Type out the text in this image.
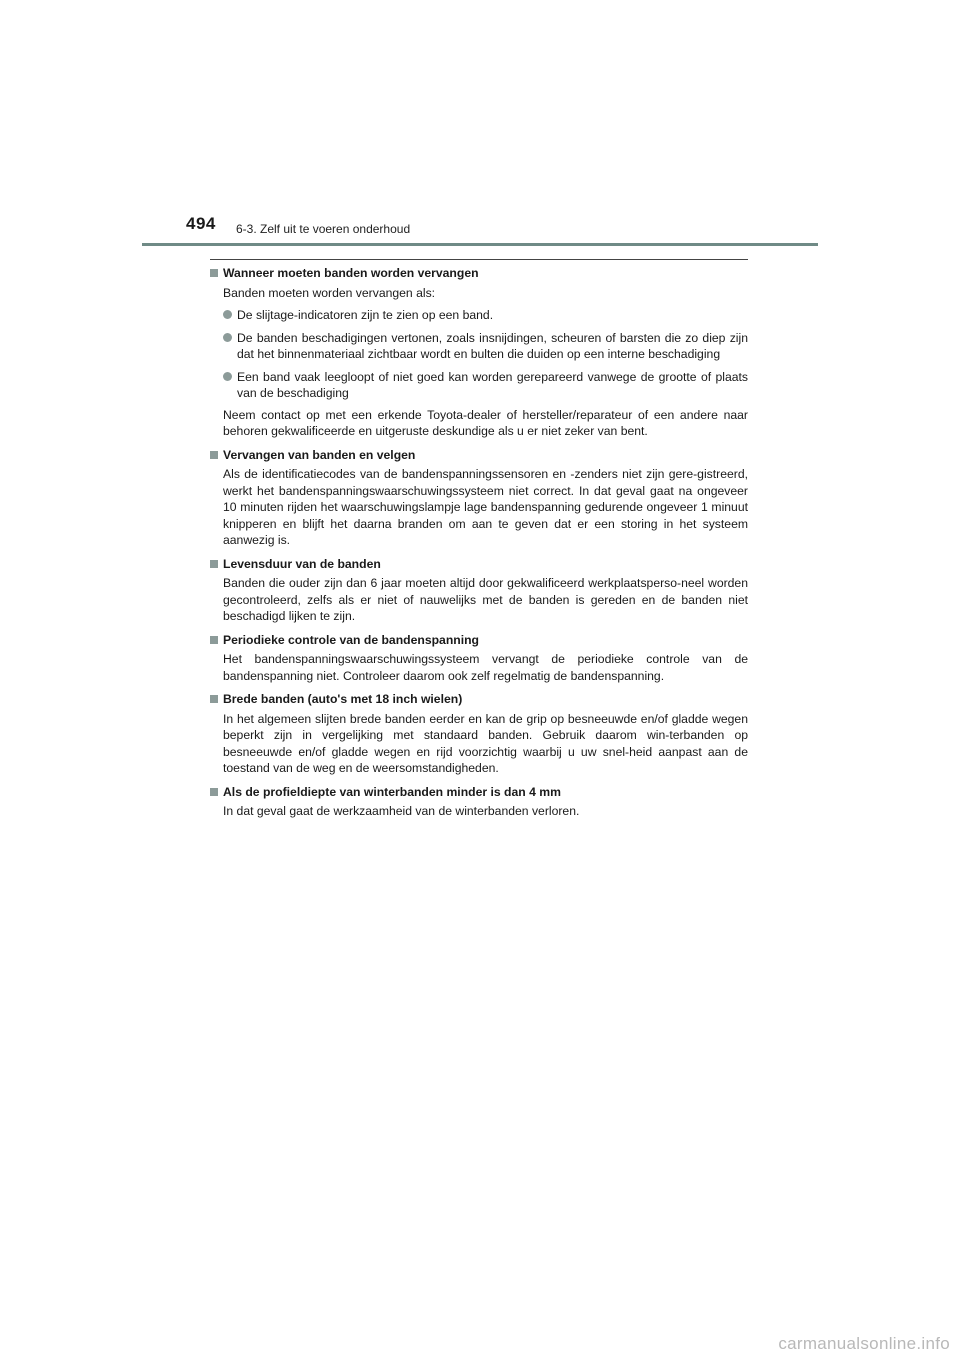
494 6-3. Zelf uit te voeren onderhoud
Wanneer moeten banden worden vervangen
Banden moeten worden vervangen als:
De slijtage-indicatoren zijn te zien op een band.
De banden beschadigingen vertonen, zoals insnijdingen, scheuren of barsten die zo diep zijn dat het binnenmateriaal zichtbaar wordt en bulten die duiden op een interne beschadiging
Een band vaak leegloopt of niet goed kan worden gerepareerd vanwege de grootte of plaats van de beschadiging
Neem contact op met een erkende Toyota-dealer of hersteller/reparateur of een andere naar behoren gekwalificeerde en uitgeruste deskundige als u er niet zeker van bent.
Vervangen van banden en velgen
Als de identificatiecodes van de bandenspanningssensoren en -zenders niet zijn gere-gistreerd, werkt het bandenspanningswaarschuwingssysteem niet correct. In dat geval gaat na ongeveer 10 minuten rijden het waarschuwingslampje lage bandenspanning gedurende ongeveer 1 minuut knipperen en blijft het daarna branden om aan te geven dat er een storing in het systeem aanwezig is.
Levensduur van de banden
Banden die ouder zijn dan 6 jaar moeten altijd door gekwalificeerd werkplaatsperso-neel worden gecontroleerd, zelfs als er niet of nauwelijks met de banden is gereden en de banden niet beschadigd lijken te zijn.
Periodieke controle van de bandenspanning
Het bandenspanningswaarschuwingssysteem vervangt de periodieke controle van de bandenspanning niet. Controleer daarom ook zelf regelmatig de bandenspanning.
Brede banden (auto's met 18 inch wielen)
In het algemeen slijten brede banden eerder en kan de grip op besneeuwde en/of gladde wegen beperkt zijn in vergelijking met standaard banden. Gebruik daarom win-terbanden op besneeuwde en/of gladde wegen en rijd voorzichtig waarbij u uw snel-heid aanpast aan de toestand van de weg en de weersomstandigheden.
Als de profieldiepte van winterbanden minder is dan 4 mm
In dat geval gaat de werkzaamheid van de winterbanden verloren.
carmanualsonline.info
